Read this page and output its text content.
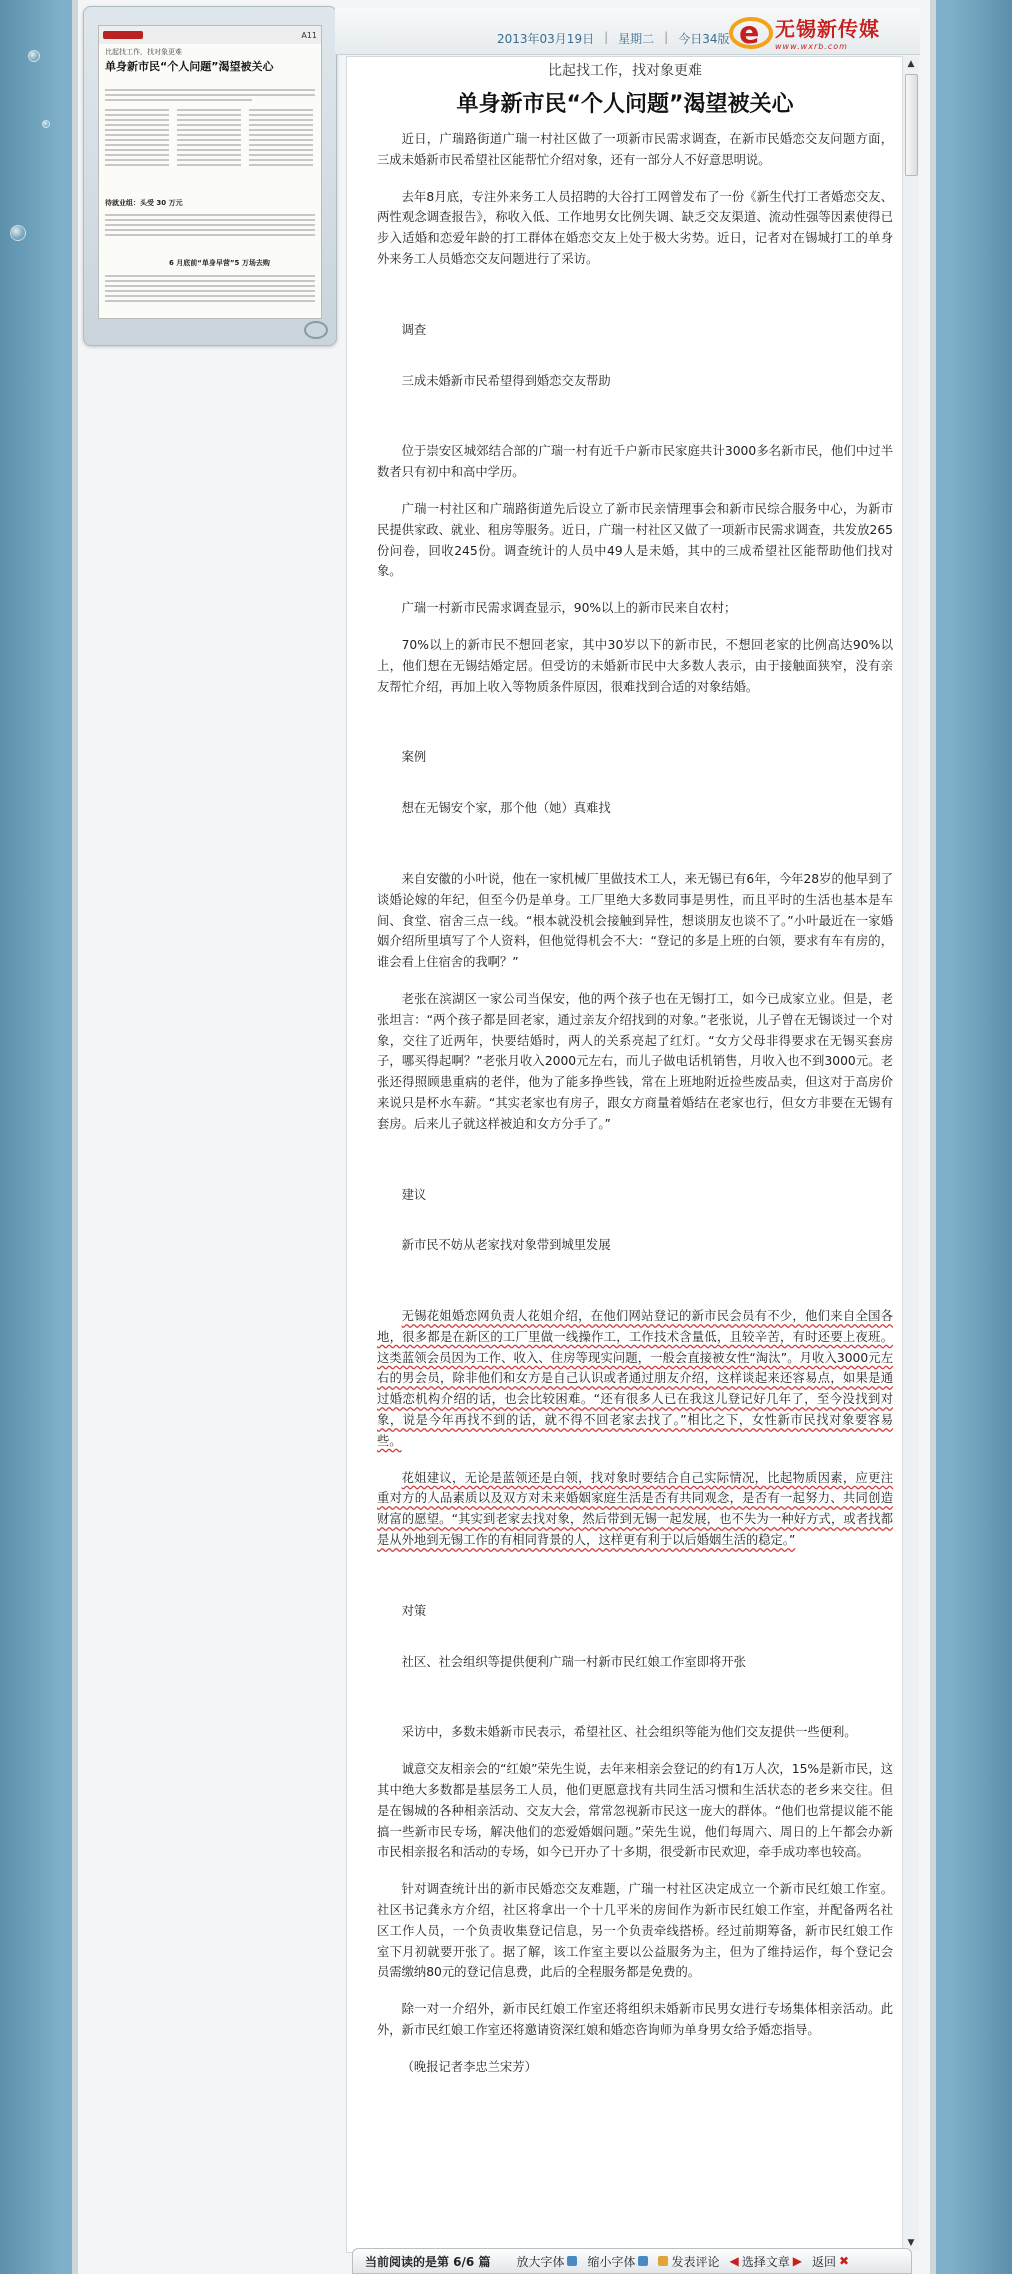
A11
比起找工作，找对象更难
单身新市民“个人问题”渴望被关心
待就业组：头受 30 万元
6 月底前“单身早营”5 万场去购
2013年03月19日 | 星期二 | 今日34版 e 无锡新传媒
www.wxrb.com
比起找工作，找对象更难
单身新市民“个人问题”渴望被关心
近日，广瑞路街道广瑞一村社区做了一项新市民需求调查，在新市民婚恋交友问题方面，三成未婚新市民希望社区能帮忙介绍对象，还有一部分人不好意思明说。
去年8月底，专注外来务工人员招聘的大谷打工网曾发布了一份《新生代打工者婚恋交友、两性观念调查报告》，称收入低、工作地男女比例失调、缺乏交友渠道、流动性强等因素使得已步入适婚和恋爱年龄的打工群体在婚恋交友上处于极大劣势。近日，记者对在锡城打工的单身外来务工人员婚恋交友问题进行了采访。
调查
三成未婚新市民希望得到婚恋交友帮助
位于崇安区城郊结合部的广瑞一村有近千户新市民家庭共计3000多名新市民，他们中过半数者只有初中和高中学历。
广瑞一村社区和广瑞路街道先后设立了新市民亲情理事会和新市民综合服务中心，为新市民提供家政、就业、租房等服务。近日，广瑞一村社区又做了一项新市民需求调查，共发放265份问卷，回收245份。调查统计的人员中49人是未婚，其中的三成希望社区能帮助他们找对象。
广瑞一村新市民需求调查显示，90%以上的新市民来自农村；
70%以上的新市民不想回老家，其中30岁以下的新市民，不想回老家的比例高达90%以上，他们想在无锡结婚定居。但受访的未婚新市民中大多数人表示，由于接触面狭窄，没有亲友帮忙介绍，再加上收入等物质条件原因，很难找到合适的对象结婚。
案例
想在无锡安个家，那个他（她）真难找
来自安徽的小叶说，他在一家机械厂里做技术工人，来无锡已有6年，今年28岁的他早到了谈婚论嫁的年纪，但至今仍是单身。工厂里绝大多数同事是男性，而且平时的生活也基本是车间、食堂、宿舍三点一线。“根本就没机会接触到异性，想谈朋友也谈不了。”小叶最近在一家婚姻介绍所里填写了个人资料，但他觉得机会不大：“登记的多是上班的白领，要求有车有房的，谁会看上住宿舍的我啊？”
老张在滨湖区一家公司当保安，他的两个孩子也在无锡打工，如今已成家立业。但是，老张坦言：“两个孩子都是回老家，通过亲友介绍找到的对象。”老张说，儿子曾在无锡谈过一个对象，交往了近两年，快要结婚时，两人的关系亮起了红灯。“女方父母非得要求在无锡买套房子，哪买得起啊？”老张月收入2000元左右，而儿子做电话机销售，月收入也不到3000元。老张还得照顾患重病的老伴，他为了能多挣些钱，常在上班地附近捡些废品卖，但这对于高房价来说只是杯水车薪。“其实老家也有房子，跟女方商量着婚结在老家也行，但女方非要在无锡有套房。后来儿子就这样被迫和女方分手了。”
建议
新市民不妨从老家找对象带到城里发展
无锡花姐婚恋网负责人花姐介绍，在他们网站登记的新市民会员有不少，他们来自全国各地，很多都是在新区的工厂里做一线操作工，工作技术含量低，且较辛苦，有时还要上夜班。这类蓝领会员因为工作、收入、住房等现实问题，一般会直接被女性“淘汰”。月收入3000元左右的男会员，除非他们和女方是自己认识或者通过朋友介绍，这样谈起来还容易点，如果是通过婚恋机构介绍的话，也会比较困难。“还有很多人已在我这儿登记好几年了，至今没找到对象，说是今年再找不到的话，就不得不回老家去找了。”相比之下，女性新市民找对象要容易些。
花姐建议，无论是蓝领还是白领，找对象时要结合自己实际情况，比起物质因素，应更注重对方的人品素质以及双方对未来婚姻家庭生活是否有共同观念，是否有一起努力、共同创造财富的愿望。“其实到老家去找对象，然后带到无锡一起发展，也不失为一种好方式，或者找都是从外地到无锡工作的有相同背景的人，这样更有利于以后婚姻生活的稳定。”
对策
社区、社会组织等提供便利广瑞一村新市民红娘工作室即将开张
采访中，多数未婚新市民表示，希望社区、社会组织等能为他们交友提供一些便利。
诚意交友相亲会的“红娘”荣先生说，去年来相亲会登记的约有1万人次，15%是新市民，这其中绝大多数都是基层务工人员，他们更愿意找有共同生活习惯和生活状态的老乡来交往。但是在锡城的各种相亲活动、交友大会，常常忽视新市民这一庞大的群体。“他们也常提议能不能搞一些新市民专场，解决他们的恋爱婚姻问题。”荣先生说，他们每周六、周日的上午都会办新市民相亲报名和活动的专场，如今已开办了十多期，很受新市民欢迎，牵手成功率也较高。
针对调查统计出的新市民婚恋交友难题，广瑞一村社区决定成立一个新市民红娘工作室。社区书记龚永方介绍，社区将拿出一个十几平米的房间作为新市民红娘工作室，并配备两名社区工作人员，一个负责收集登记信息，另一个负责牵线搭桥。经过前期筹备，新市民红娘工作室下月初就要开张了。据了解，该工作室主要以公益服务为主，但为了维持运作，每个登记会员需缴纳80元的登记信息费，此后的全程服务都是免费的。
除一对一介绍外，新市民红娘工作室还将组织未婚新市民男女进行专场集体相亲活动。此外，新市民红娘工作室还将邀请资深红娘和婚恋咨询师为单身男女给予婚恋指导。
（晚报记者李忠兰宋芳）
▲
▼
当前阅读的是第 6/6 篇 放大字体 缩小字体	发表评论 ◀ 选择文章 ▶ 返回 ✖
